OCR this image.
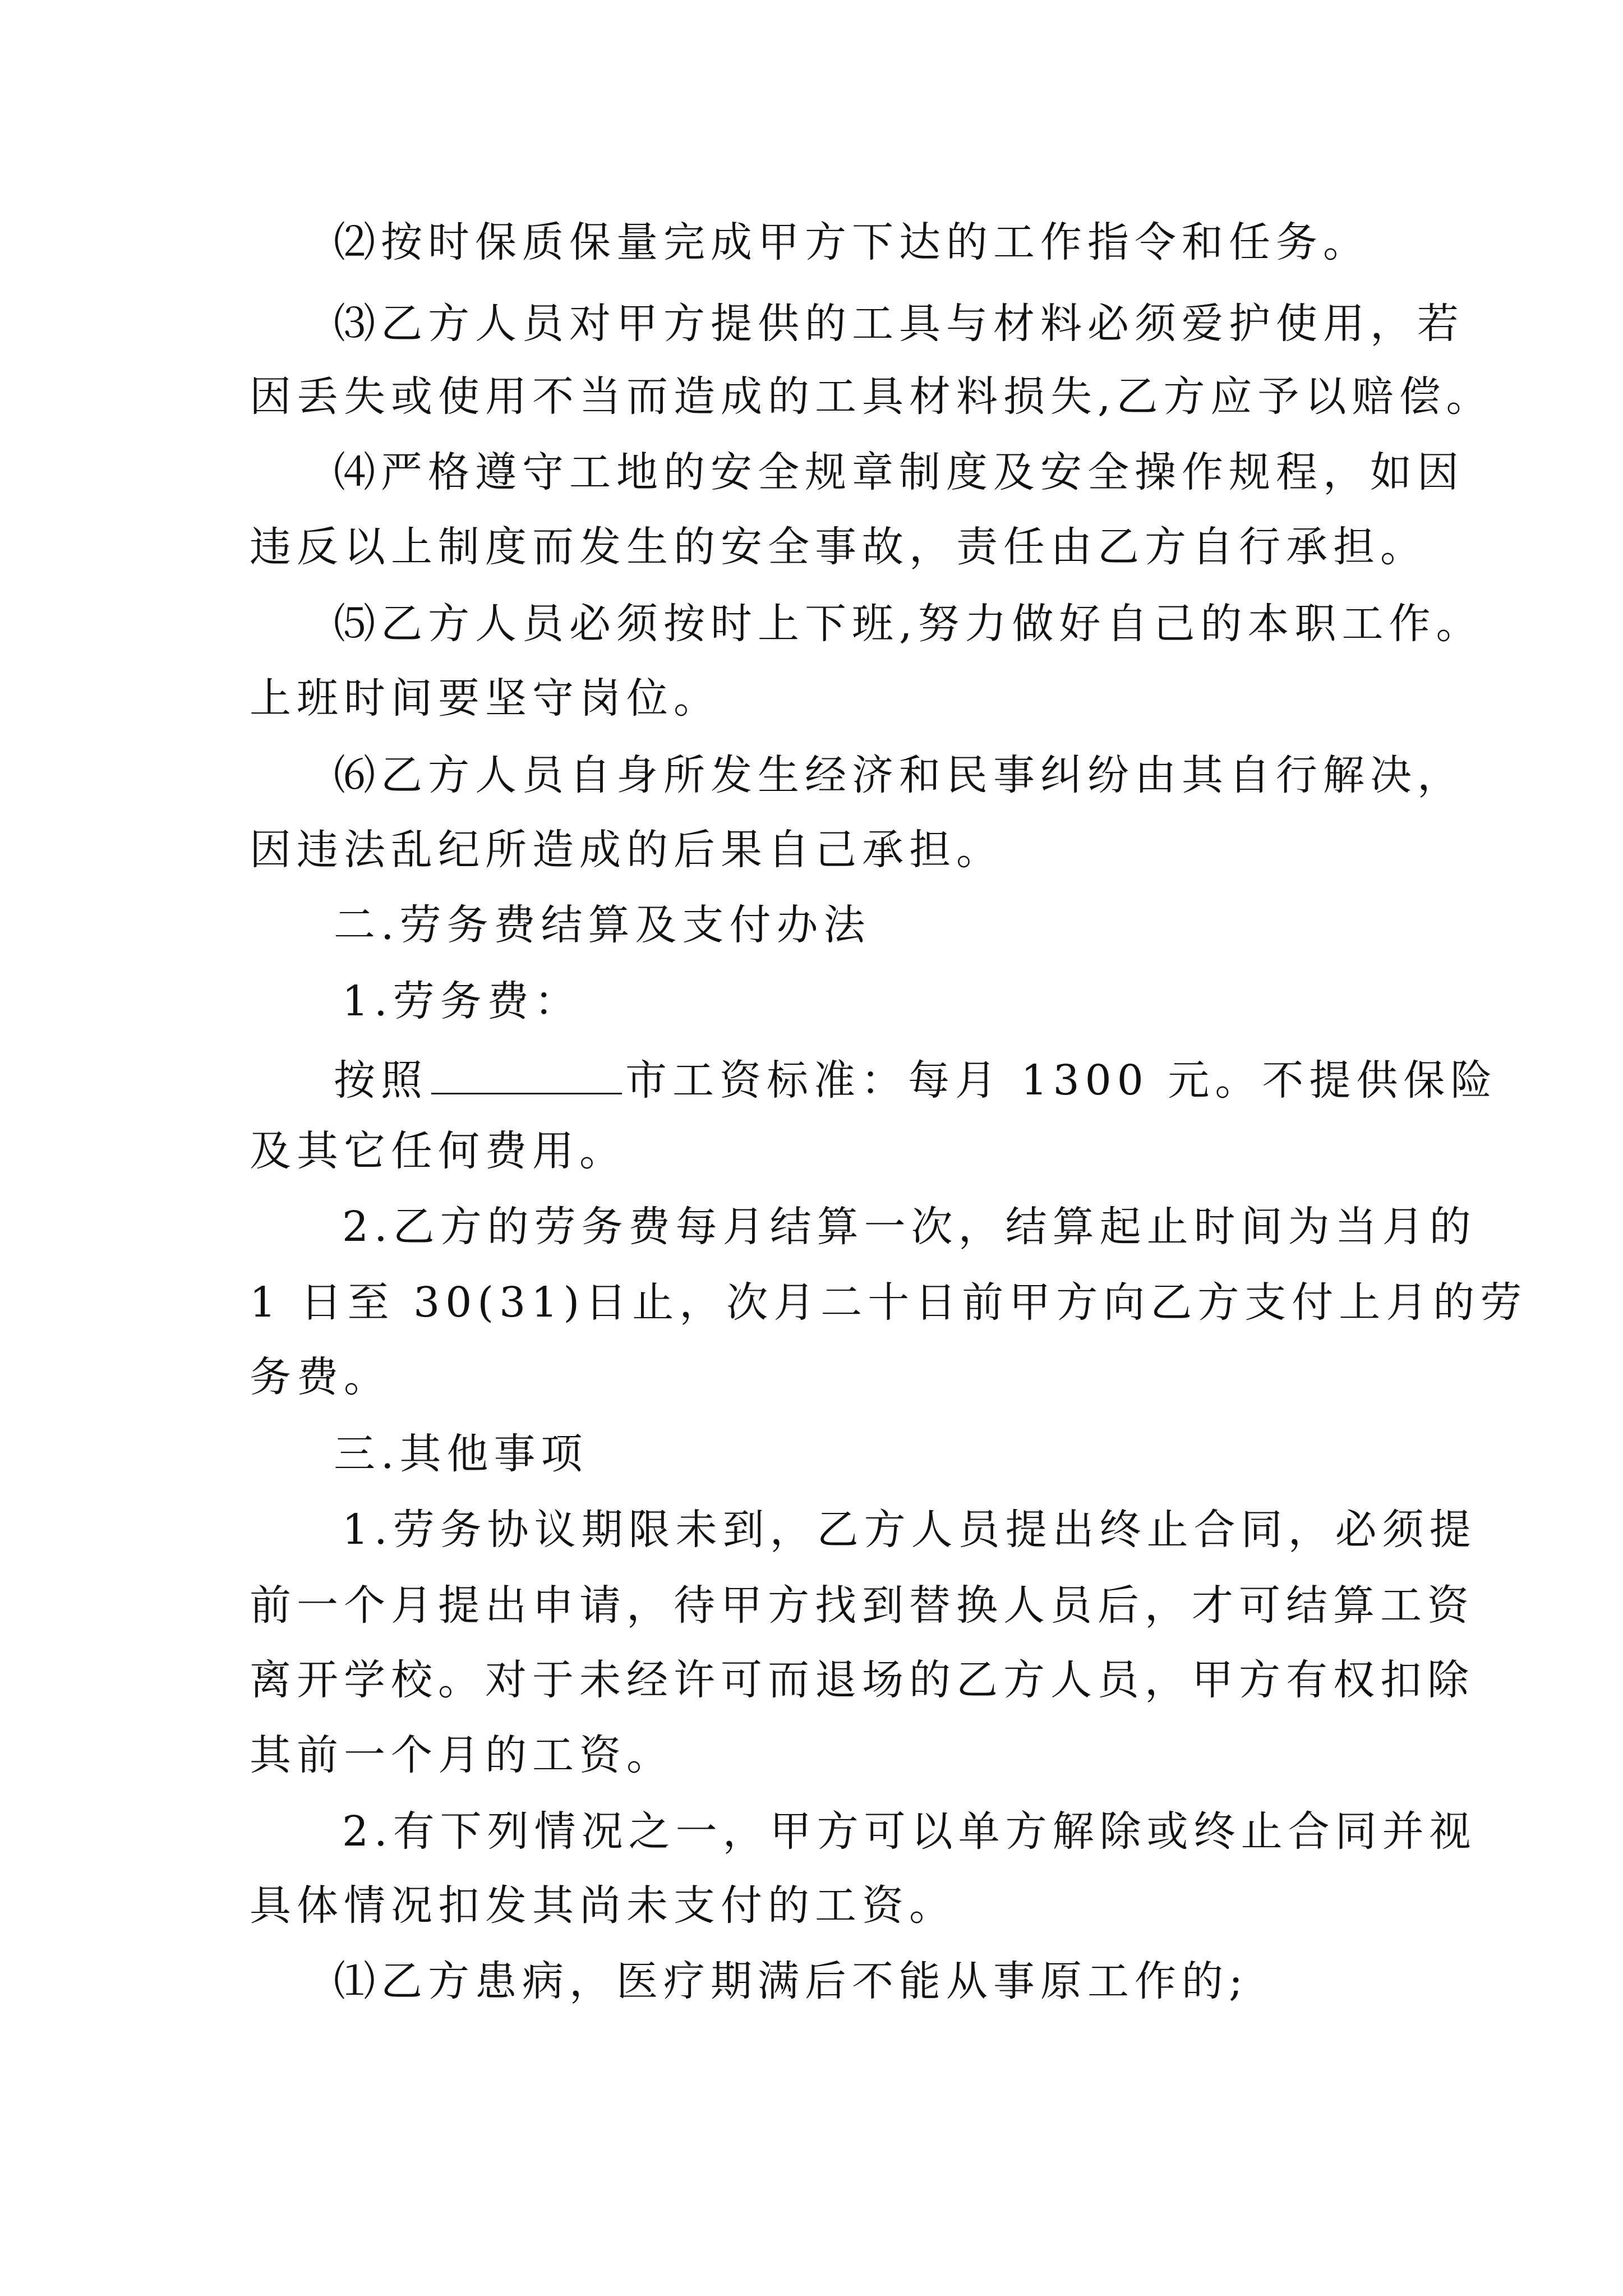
⑵按时保质保量完成甲方下达的工作指令和任务。
⑶乙方人员对甲方提供的工具与材料必须爱护使用，若
因丢失或使用不当而造成的工具材料损失,乙方应予以赔偿。
⑷严格遵守工地的安全规章制度及安全操作规程，如因
违反以上制度而发生的安全事故，责任由乙方自行承担。
⑸乙方人员必须按时上下班,努力做好自己的本职工作。
上班时间要坚守岗位。
⑹乙方人员自身所发生经济和民事纠纷由其自行解决，
因违法乱纪所造成的后果自己承担。
二.劳务费结算及支付办法
1.劳务费：
按照	市工资标准：每月 1300 元。不提供保险
及其它任何费用。
2.乙方的劳务费每月结算一次，结算起止时间为当月的
1 日至 30(31)日止，次月二十日前甲方向乙方支付上月的劳
务费。
三.其他事项
1.劳务协议期限未到，乙方人员提出终止合同，必须提
前一个月提出申请，待甲方找到替换人员后，才可结算工资
离开学校。对于未经许可而退场的乙方人员，甲方有权扣除
其前一个月的工资。
2.有下列情况之一，甲方可以单方解除或终止合同并视
具体情况扣发其尚未支付的工资。
⑴乙方患病，医疗期满后不能从事原工作的;
